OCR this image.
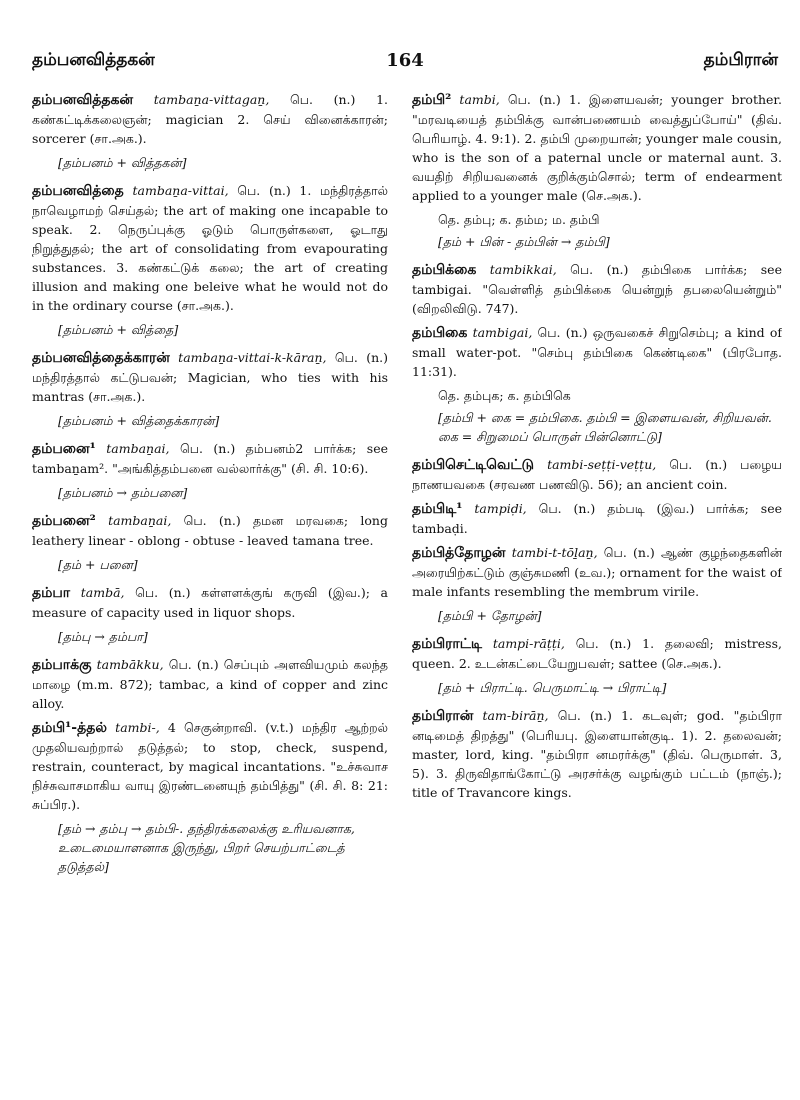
தம்பனவித்தகன்	164	தம்பிரான்

தம்பனவித்தகன் tambaṉa-vittagaṉ, பெ. (n.) 1. கண்கட்டிக்கலைஞன்; magician 2. செய் வினைக்காரன்; sorcerer (சா.அக.).

[தம்பனம் + வித்தகன்]

தம்பனவித்தை tambaṉa-vittai, பெ. (n.) 1. மந்திரத்தால் நாவெழாமற் செய்தல்; the art of making one incapable to speak. 2. நெருப்புக்கு ஓடும் பொருள்களை, ஓடாது நிறுத்துதல்; the art of consolidating from evapourating substances. 3. கண்கட்டுக் கலை; the art of creating illusion and making one beleive what he would not do in the ordinary course (சா.அக.).

[தம்பனம் + வித்தை]

தம்பனவித்தைக்காரன் tambaṉa-vittai-k-kāraṉ, பெ. (n.) மந்திரத்தால் கட்டுபவன்; Magician, who ties with his mantras (சா.அக.).

[தம்பனம் + வித்தைக்காரன்]

தம்பனை¹ tambaṉai, பெ. (n.) தம்பனம்2 பார்க்க; see tambaṉam². "அங்கித்தம்பனை வல்லார்க்கு" (சி. சி. 10:6).

[தம்பனம் → தம்பனை]

தம்பனை² tambaṉai, பெ. (n.) தமன மரவகை; long leathery linear - oblong - obtuse - leaved tamana tree.

[தம் + பனை]

தம்பா tambā, பெ. (n.) கள்ளளக்குங் கருவி (இவ.); a measure of capacity used in liquor shops.

[தம்பு → தம்பா]

தம்பாக்கு tambākku, பெ. (n.) செப்பும் அளவியமும் கலந்த மாழை (m.m. 872); tambac, a kind of copper and zinc alloy.

தம்பி¹-த்தல் tambi-, 4 செகுன்றாவி. (v.t.) மந்திர ஆற்றல் முதலியவற்றால் தடுத்தல்; to stop, check, suspend, restrain, counteract, by magical incantations. "உச்சுவாச நிச்சுவாசமாகிய வாயு இரண்டனையுந் தம்பித்து" (சி. சி. 8: 21: சுப்பிர.).

[தம் → தம்பு → தம்பி-. தந்திரக்கலைக்கு உரியவனாக, உடைமையாளனாக இருந்து, பிறர் செயற்பாட்டைத் தடுத்தல்]

தம்பி² tambi, பெ. (n.) 1. இளையவன்; younger brother. "மரவடியைத் தம்பிக்கு வான்பணையம் வைத்துப்போய்" (திவ். பெரியாழ். 4. 9:1). 2. தம்பி முறையான்; younger male cousin, who is the son of a paternal uncle or maternal aunt. 3. வயதிற் சிறியவனைக் குறிக்கும்சொல்; term of endearment applied to a younger male (செ.அக.).

தெ. தம்பு; க. தம்ம; ம. தம்பி

[தம் + பின் - தம்பின் → தம்பி]

தம்பிக்கை tambikkai, பெ. (n.) தம்பிகை பார்க்க; see tambigai. "வெள்ளித் தம்பிக்கை யென்றுந் தபலையென்றும்" (விறலிவிடு. 747).

தம்பிகை tambigai, பெ. (n.) ஒருவகைச் சிறுசெம்பு; a kind of small water-pot. "செம்பு தம்பிகை கெண்டிகை" (பிரபோத. 11:31).

தெ. தம்புக; க. தம்பிகெ

[தம்பி + கை = தம்பிகை. தம்பி = இளையவன், சிறியவன். கை = சிறுமைப் பொருள் பின்னொட்டு]

தம்பிசெட்டிவெட்டு tambi-seṭṭi-veṭṭu, பெ. (n.) பழைய நாணயவகை (சரவண பணவிடு. 56); an ancient coin.

தம்பிடி¹ tampiḍi, பெ. (n.) தம்படி (இவ.) பார்க்க; see tambaḍi.

தம்பித்தோழன் tambi-t-tōḻaṉ, பெ. (n.) ஆண் குழந்தைகளின் அரையிற்கட்டும் குஞ்சுமணி (உவ.); ornament for the waist of male infants resembling the membrum virile.

[தம்பி + தோழன்]

தம்பிராட்டி tampi-rāṭṭi, பெ. (n.) 1. தலைவி; mistress, queen. 2. உடன்கட்டையேறுபவள்; sattee (செ.அக.).

[தம் + பிராட்டி. பெருமாட்டி → பிராட்டி]

தம்பிரான் tam-birāṉ, பெ. (n.) 1. கடவுள்; god. "தம்பிரா னடிமைத் திறத்து" (பெரியபு. இளையான்குடி. 1). 2. தலைவன்; master, lord, king. "தம்பிரா னமரர்க்கு" (திவ். பெருமாள். 3, 5). 3. திருவிதாங்கோட்டு அரசர்க்கு வழங்கும் பட்டம் (நாஞ்.); title of Travancore kings.
